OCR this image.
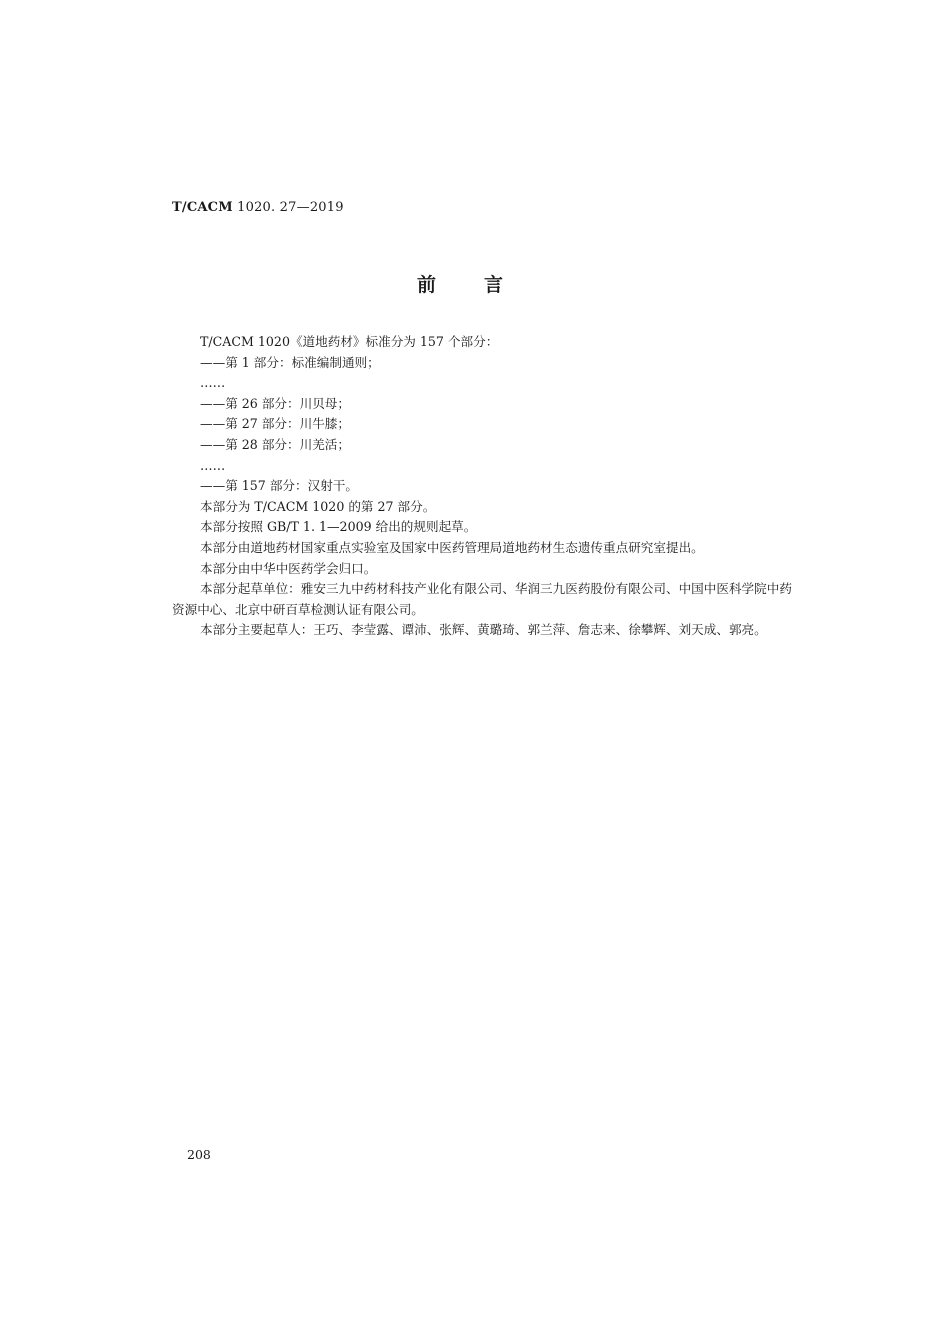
T/CACM 1020. 27—2019
前言

T/CACM 1020《道地药材》标准分为 157 个部分：

——第 1 部分：标准编制通则；

……

——第 26 部分：川贝母；

——第 27 部分：川牛膝；

——第 28 部分：川羌活；

……

——第 157 部分：汉射干。

本部分为 T/CACM 1020 的第 27 部分。

本部分按照 GB/T 1. 1—2009 给出的规则起草。

本部分由道地药材国家重点实验室及国家中医药管理局道地药材生态遗传重点研究室提出。

本部分由中华中医药学会归口。

本部分起草单位：雅安三九中药材科技产业化有限公司、华润三九医药股份有限公司、中国中医科学院中药资源中心、北京中研百草检测认证有限公司。

本部分主要起草人：王巧、李莹露、谭沛、张辉、黄璐琦、郭兰萍、詹志来、徐攀辉、刘天成、郭亮。

208
